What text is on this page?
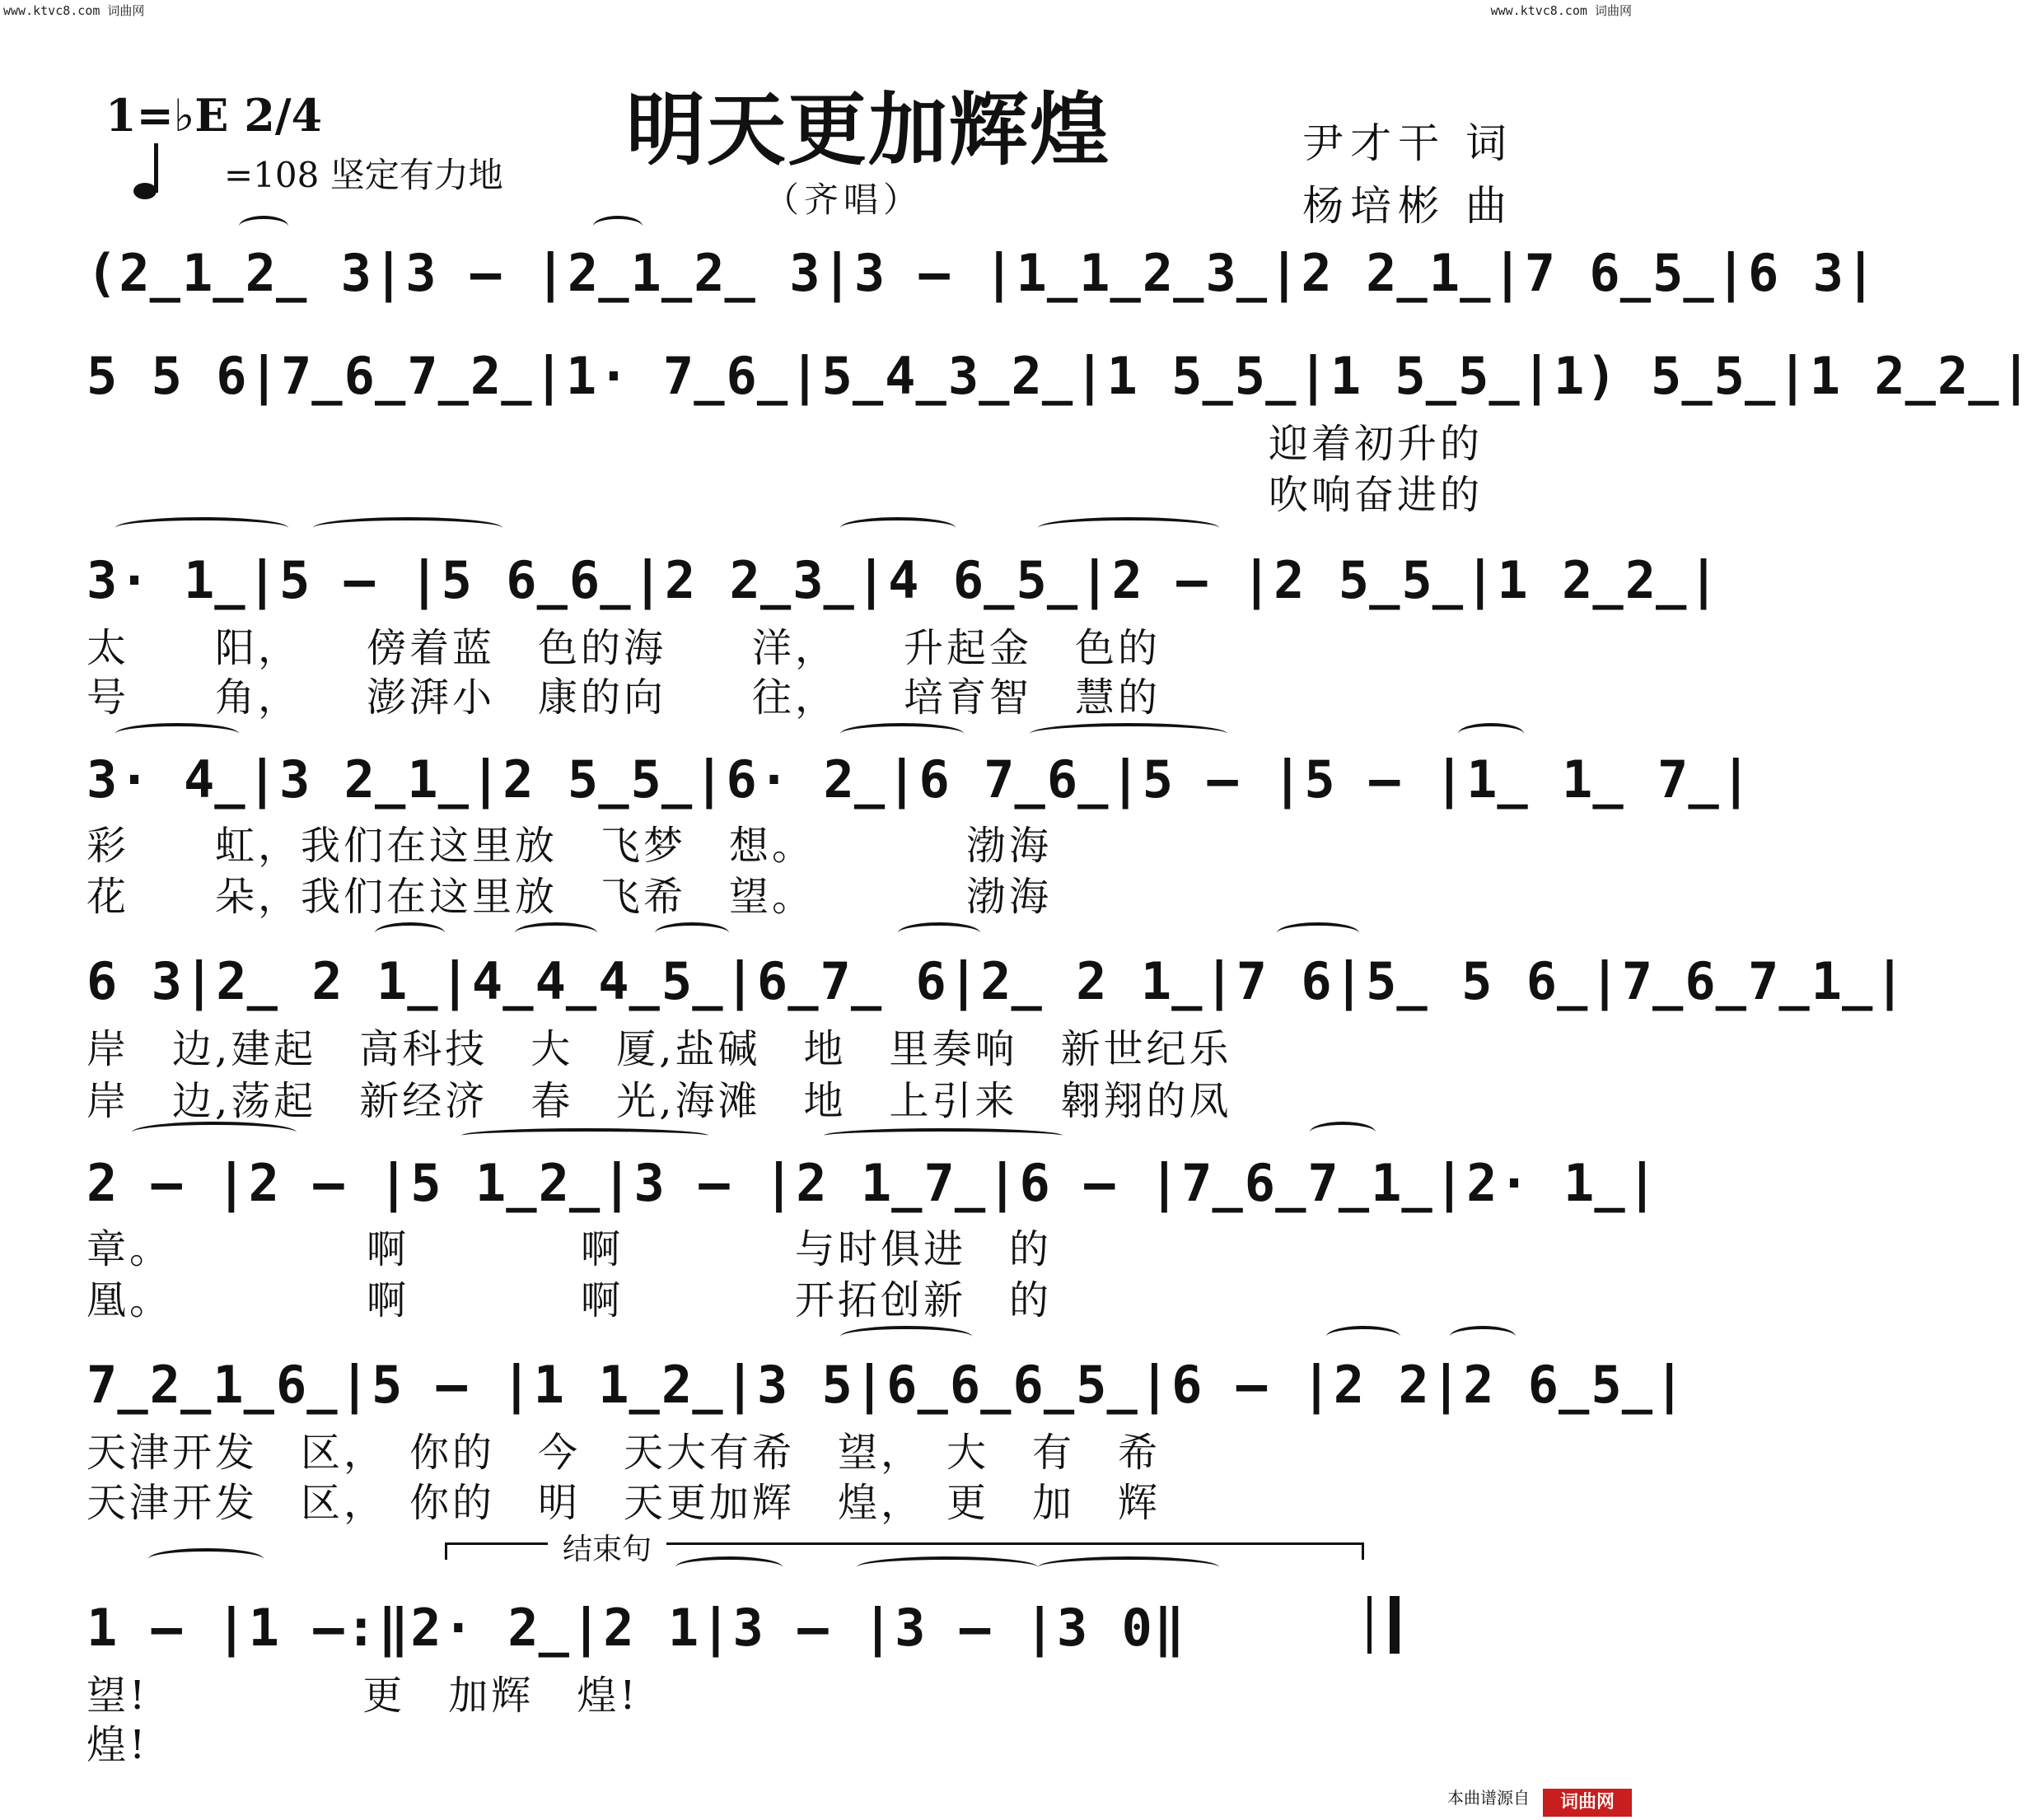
www.ktvc8.com 词曲网	www.ktvc8.com 词曲网
1=♭E 2/4
=108 坚定有力地 明天更加辉煌
（齐唱）
尹才干 词
杨培彬 曲
(2̲1̲2̲ 3|3 — |2̲1̲2̲ 3|3 — |1̲1̲2̲3̲|2 2̲1̲|7 6̲5̲|6 3|
5 5 6|7̲6̲7̲2̲|1· 7̲6̲|5̲4̲3̲2̲|1 5̲5̲|1 5̲5̲|1) 5̲5̲|1 2̲2̲|
迎着初升的
吹响奋进的
3· 1̲|5 — |5 6̲6̲|2 2̲3̲|4 6̲5̲|2 — |2 5̲5̲|1 2̲2̲|
太　　阳，　　傍着蓝　色的海　　洋，　　升起金　色的
号　　角，　　澎湃小　康的向　　往，　　培育智　慧的
3· 4̲|3 2̲1̲|2 5̲5̲|6· 2̲|6 7̲6̲|5 — |5 — |1̲ 1̲ 7̲|
彩　　虹，我们在这里放　飞梦　想。　　　　渤海
花　　朵，我们在这里放　飞希　望。　　　　渤海
6 3|2̲ 2 1̲|4̲4̲4̲5̲|6̲7̲ 6|2̲ 2 1̲|7 6|5̲ 5 6̲|7̲6̲7̲1̲|
岸　边,建起　高科技　大　厦,盐碱　地　里奏响　新世纪乐
岸　边,荡起　新经济　春　光,海滩　地　上引来　翱翔的凤
2 — |2 — |5 1̲2̲|3 — |2 1̲7̲|6 — |7̲6̲7̲1̲|2· 1̲|
章。　　　　　啊　　　　啊　　　　与时俱进　的
凰。　　　　　啊　　　　啊　　　　开拓创新　的
7̲2̲1̲6̲|5 — |1 1̲2̲|3 5|6̲6̲6̲5̲|6 — |2 2|2 6̲5̲|
天津开发　区，　你的　今　天大有希　望，　大　有　希
天津开发　区，　你的　明　天更加辉　煌，　更　加　辉
结束句
1 — |1 —:‖2· 2̲|2 1|3 — |3 — |3 0‖
望!　　　　　更　加辉　煌!
煌!
本曲谱源自	词曲网
